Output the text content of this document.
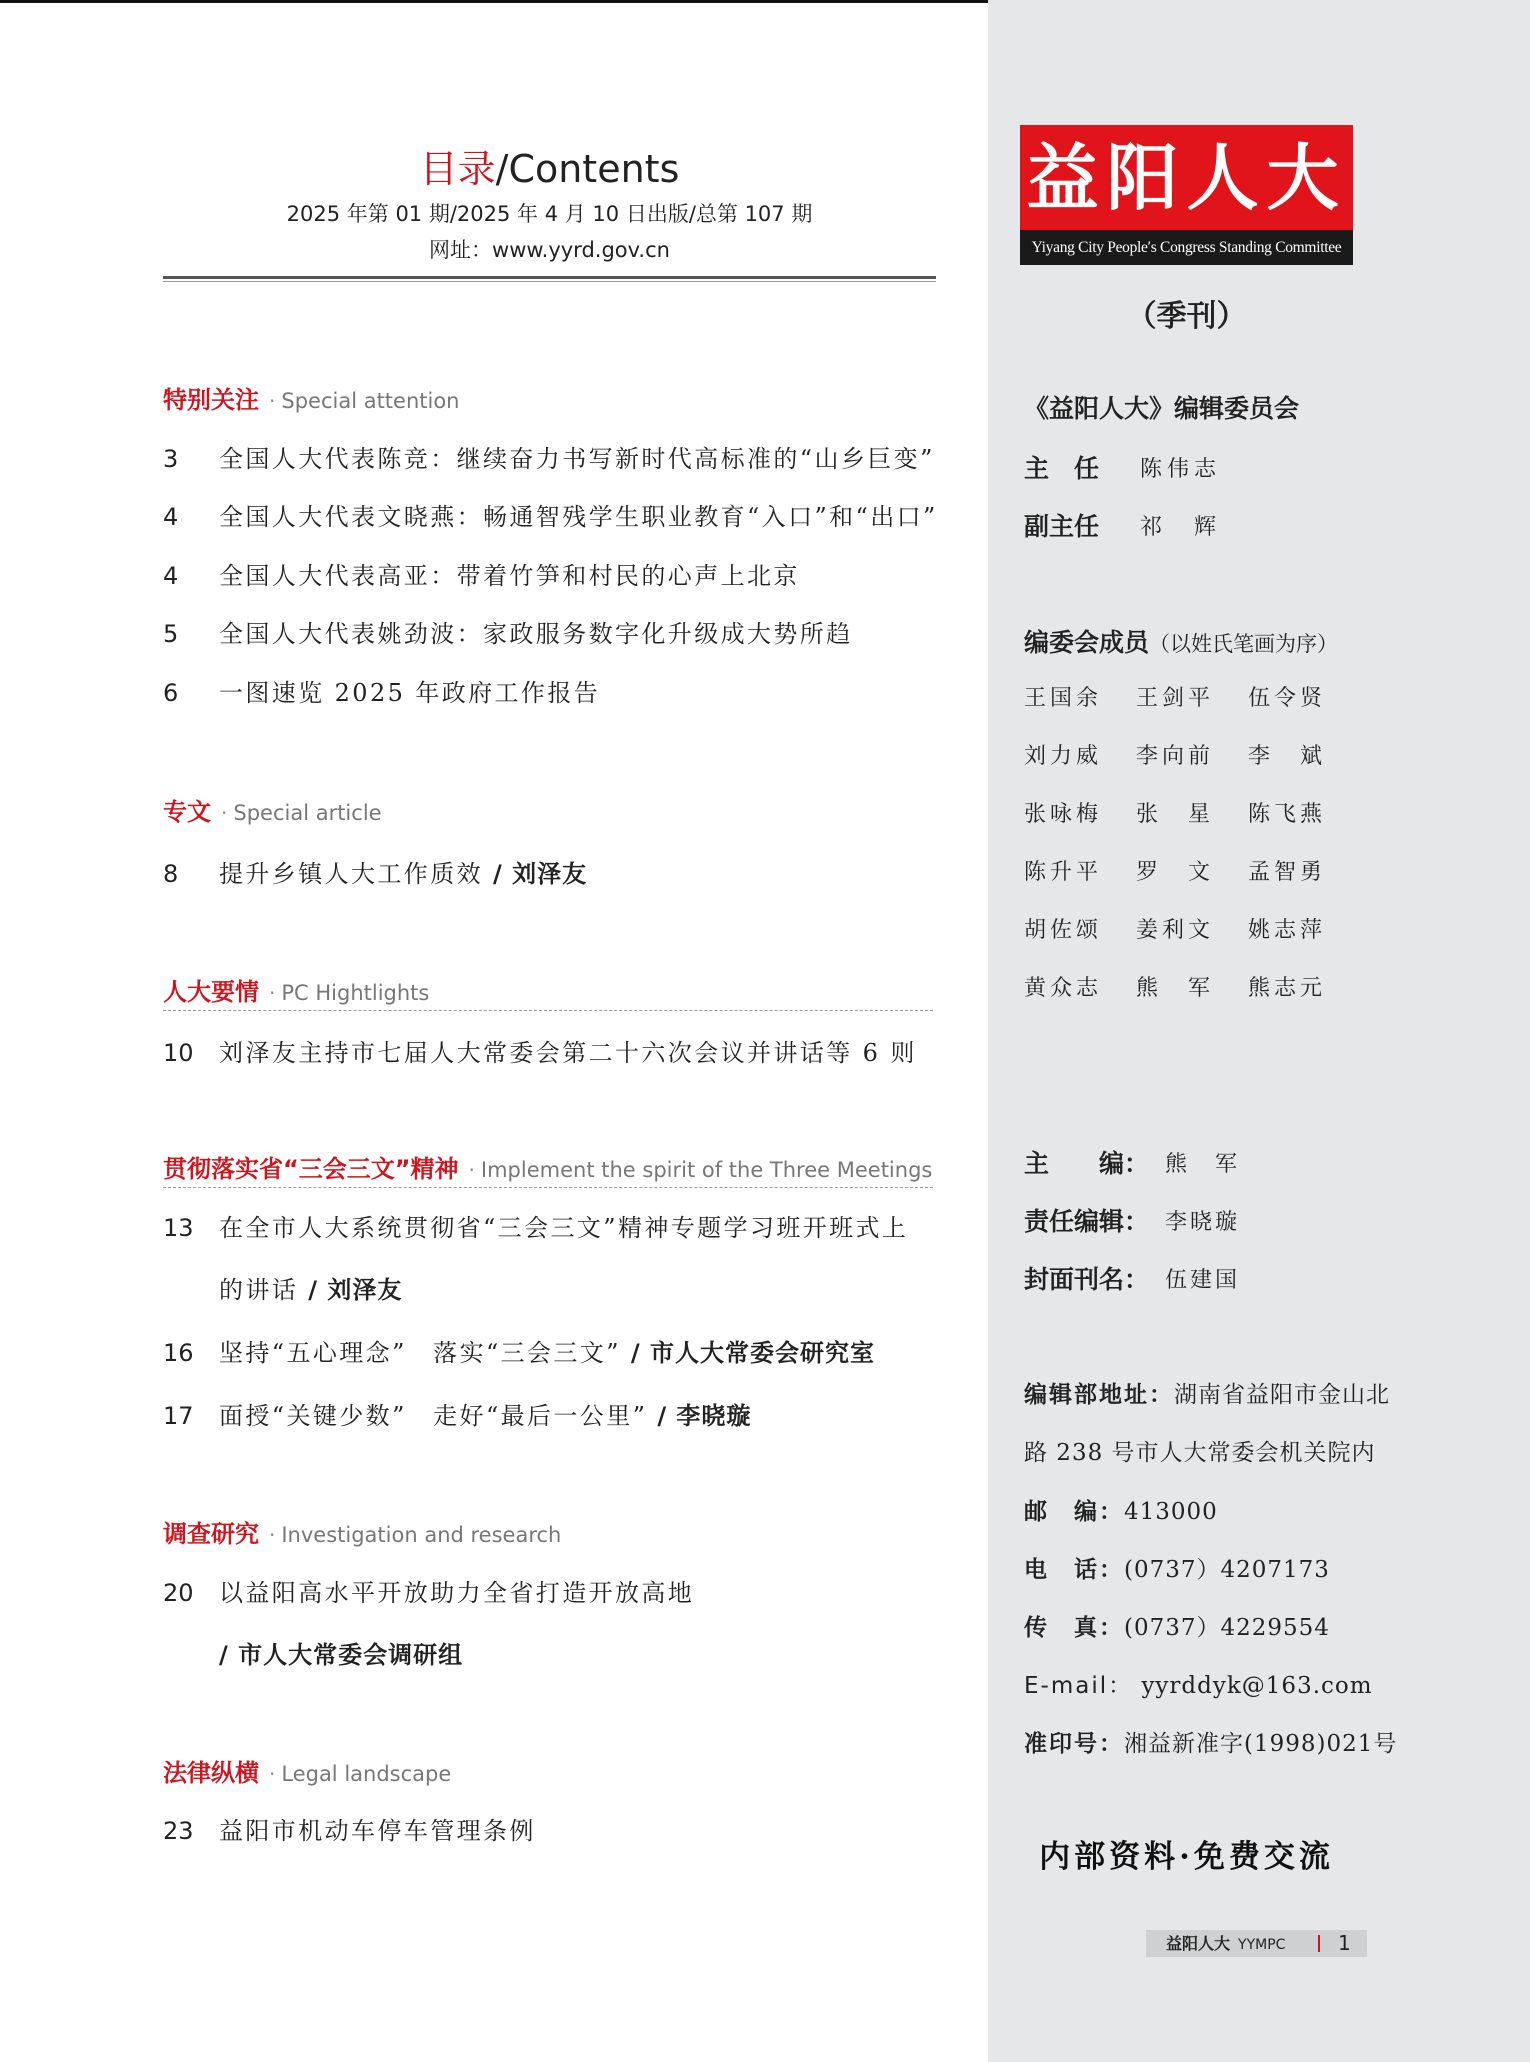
目录/Contents
2025 年第 01 期/2025 年 4 月 10 日出版/总第 107 期
网址：www.yyrd.gov.cn
特别关注 · Special attention
3 全国人大代表陈竞：继续奋力书写新时代高标准的“山乡巨变”
4 全国人大代表文晓燕：畅通智残学生职业教育“入口”和“出口”
4 全国人大代表高亚：带着竹笋和村民的心声上北京
5 全国人大代表姚劲波：家政服务数字化升级成大势所趋
6 一图速览 2025 年政府工作报告
专文 · Special article
8 提升乡镇人大工作质效 / 刘泽友
人大要情 · PC Hightlights
10 刘泽友主持市七届人大常委会第二十六次会议并讲话等 6 则
贯彻落实省“三会三文”精神 · Implement the spirit of the Three Meetings
13 在全市人大系统贯彻省“三会三文”精神专题学习班开班式上
的讲话 / 刘泽友
16 坚持“五心理念”　落实“三会三文” / 市人大常委会研究室
17 面授“关键少数”　走好“最后一公里” / 李晓璇
调查研究 · Investigation and research
20 以益阳高水平开放助力全省打造开放高地
/ 市人大常委会调研组
法律纵横 · Legal landscape
23 益阳市机动车停车管理条例
益阳人大
Yiyang City People′s Congress Standing Committee
（季刊）
《益阳人大》编辑委员会
主　任 陈伟志
副主任 祁　辉
编委会成员（以姓氏笔画为序）
王国余 王剑平 伍令贤
刘力威 李向前 李　斌
张咏梅 张　星 陈飞燕
陈升平 罗　文 孟智勇
胡佐颂 姜利文 姚志萍
黄众志 熊　军 熊志元
主　　编： 熊　军
责任编辑： 李晓璇
封面刊名： 伍建国
编辑部地址：湖南省益阳市金山北
路 238 号市人大常委会机关院内
邮　编：413000
电　话：(0737）4207173
传　真：(0737）4229554
E-mail： yyrddyk@163.com
准印号：湘益新准字(1998)021号
内部资料·免费交流
益阳人大 YYMPC	1
